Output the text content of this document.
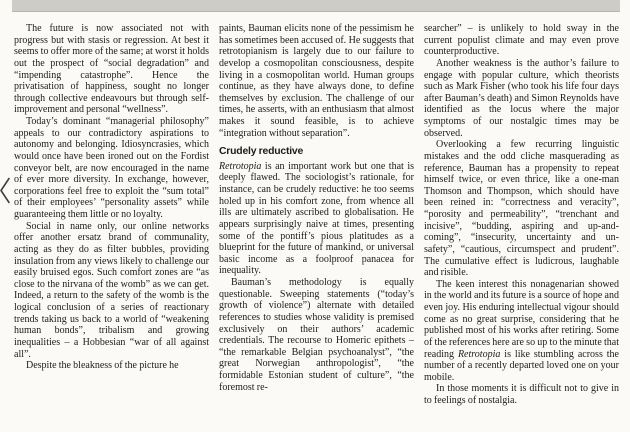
The future is now associated not with progress but with stasis or regression. At best it seems to offer more of the same; at worst it holds out the prospect of “social degradation” and “impending catastrophe”. Hence the privatisation of happiness, sought no longer through collective endeavours but through self-improvement and personal “wellness”.

Today’s dominant “managerial philosophy” appeals to our contradictory aspirations to autonomy and belonging. Idiosyncrasies, which would once have been ironed out on the Fordist conveyor belt, are now encouraged in the name of ever more diversity. In exchange, however, corporations feel free to exploit the “sum total” of their employees’ “personality assets” while guaranteeing them little or no loyalty.

Social in name only, our online networks offer another ersatz brand of communality, acting as they do as filter bubbles, providing insulation from any views likely to challenge our easily bruised egos. Such comfort zones are “as close to the nirvana of the womb” as we can get. Indeed, a return to the safety of the womb is the logical conclusion of a series of reactionary trends taking us back to a world of “weakening human bonds”, tribalism and growing inequalities – a Hobbesian “war of all against all”.

Despite the bleakness of the picture he

paints, Bauman elicits none of the pessimism he has sometimes been accused of. He suggests that retrotopianism is largely due to our failure to develop a cosmopolitan consciousness, despite living in a cosmopolitan world. Human groups continue, as they have always done, to define themselves by exclusion. The challenge of our times, he asserts, with an enthusiasm that almost makes it sound feasible, is to achieve “integration without separation”.

Crudely reductive

Retrotopia is an important work but one that is deeply flawed. The sociologist’s rationale, for instance, can be crudely reductive: he too seems holed up in his comfort zone, from whence all ills are ultimately ascribed to globalisation. He appears surprisingly naive at times, presenting some of the pontiff’s pious platitudes as a blueprint for the future of mankind, or universal basic income as a foolproof panacea for inequality.

Bauman’s methodology is equally questionable. Sweeping statements (“today’s growth of violence”) alternate with detailed references to studies whose validity is premised exclusively on their authors’ academic credentials. The recourse to Homeric epithets – “the remarkable Belgian psychoanalyst”, “the great Norwegian anthropologist”, “the formidable Estonian student of culture”, “the foremost re-

searcher” – is unlikely to hold sway in the current populist climate and may even prove counterproductive.

Another weakness is the author’s failure to engage with popular culture, which theorists such as Mark Fisher (who took his life four days after Bauman’s death) and Simon Reynolds have identified as the locus where the major symptoms of our nostalgic times may be observed.

Overlooking a few recurring linguistic mistakes and the odd cliche masquerading as reference, Bauman has a propensity to repeat himself twice, or even thrice, like a one-man Thomson and Thompson, which should have been reined in: “correctness and veracity”, “porosity and permeability”, “trenchant and incisive”, “budding, aspiring and up-and-coming”, “insecurity, uncertainty and un-safety”, “cautious, circumspect and prudent”. The cumulative effect is ludicrous, laughable and risible.

The keen interest this nonagenarian showed in the world and its future is a source of hope and even joy. His enduring intellectual vigour should come as no great surprise, considering that he published most of his works after retiring. Some of the references here are so up to the minute that reading Retrotopia is like stumbling across the number of a recently departed loved one on your mobile.

In those moments it is difficult not to give in to feelings of nostalgia.
